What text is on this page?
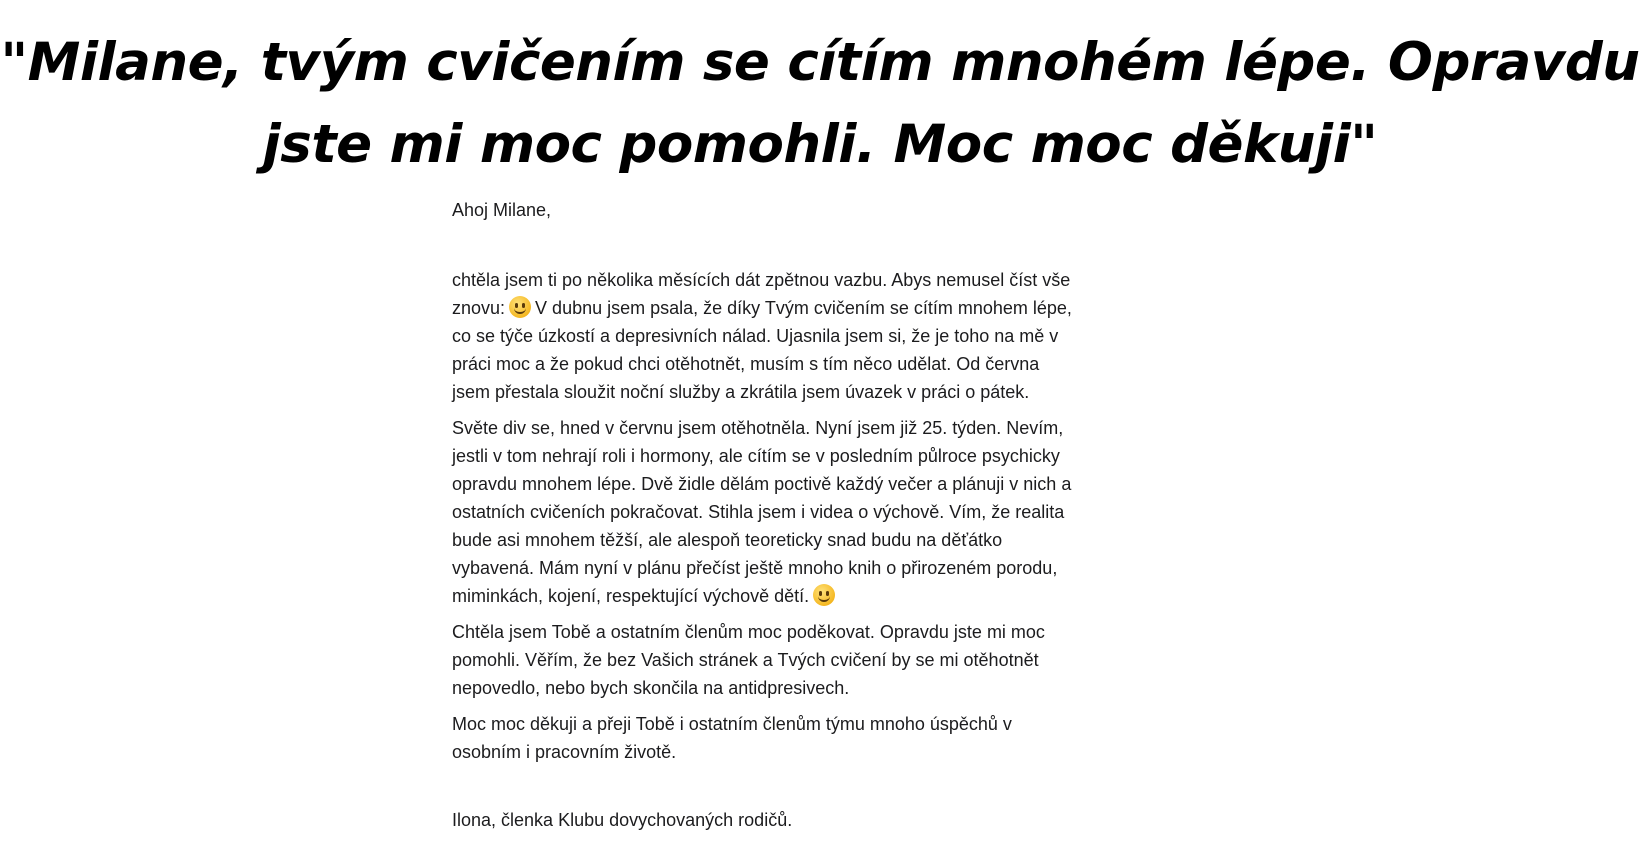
"Milane, tvým cvičením se cítím mnohém lépe. Opravdu
jste mi moc pomohli. Moc moc děkuji"

Ahoj Milane,

chtěla jsem ti po několika měsících dát zpětnou vazbu. Abys nemusel číst vše

znovu: V dubnu jsem psala, že díky Tvým cvičením se cítím mnohem lépe,

co se týče úzkostí a depresivních nálad. Ujasnila jsem si, že je toho na mě v

práci moc a že pokud chci otěhotnět, musím s tím něco udělat. Od června

jsem přestala sloužit noční služby a zkrátila jsem úvazek v práci o pátek.

Světe div se, hned v červnu jsem otěhotněla. Nyní jsem již 25. týden. Nevím,

jestli v tom nehrají roli i hormony, ale cítím se v posledním půlroce psychicky

opravdu mnohem lépe. Dvě židle dělám poctivě každý večer a plánuji v nich a

ostatních cvičeních pokračovat. Stihla jsem i videa o výchově. Vím, že realita

bude asi mnohem těžší, ale alespoň teoreticky snad budu na děťátko

vybavená. Mám nyní v plánu přečíst ještě mnoho knih o přirozeném porodu,

miminkách, kojení, respektující výchově dětí.

Chtěla jsem Tobě a ostatním členům moc poděkovat. Opravdu jste mi moc

pomohli. Věřím, že bez Vašich stránek a Tvých cvičení by se mi otěhotnět

nepovedlo, nebo bych skončila na antidpresivech.

Moc moc děkuji a přeji Tobě i ostatním členům týmu mnoho úspěchů v

osobním i pracovním životě.

Ilona, členka Klubu dovychovaných rodičů.
